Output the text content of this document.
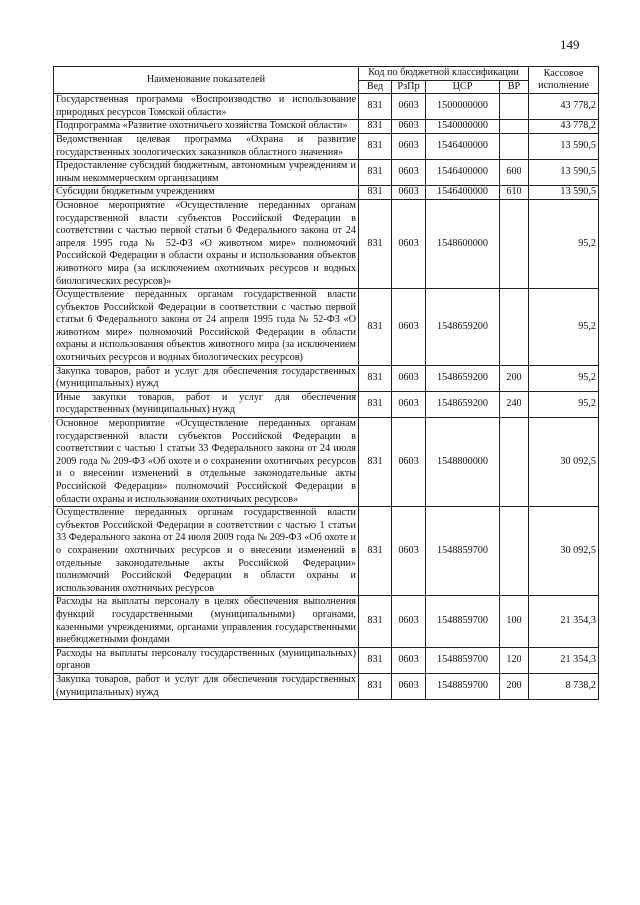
149
Наименование показателей	Код по бюджетной классификации				Кассовое исполнение
	Вед	РзПр	ЦСР	ВР	
Государственная программа «Воспроизводство и использование природных ресурсов Томской области»	831	0603	1500000000		43 778,2
Подпрограмма «Развитие охотничьего хозяйства Томской области»	831	0603	1540000000		43 778,2
Ведомственная целевая программа «Охрана и развитие государственных зоологических заказников областного значения»	831	0603	1546400000		13 590,5
Предоставление субсидий бюджетным, автономным учреждениям и иным некоммерческим организациям	831	0603	1546400000	600	13 590,5
Субсидии бюджетным учреждениям	831	0603	1546400000	610	13 590,5
Основное мероприятие «Осуществление переданных органам государственной власти субъектов Российской Федерации в соответствии с частью первой статьи 6 Федерального закона от 24 апреля 1995 года № 52-ФЗ «О животном мире» полномочий Российской Федерации в области охраны и использования объектов животного мира (за исключением охотничьих ресурсов и водных биологических ресурсов)»	831	0603	1548600000		95,2
Осуществление переданных органам государственной власти субъектов Российской Федерации в соответствии с частью первой статьи 6 Федерального закона от 24 апреля 1995 года № 52-ФЗ «О животном мире» полномочий Российской Федерации в области охраны и использования объектов животного мира (за исключением охотничьих ресурсов и водных биологических ресурсов)	831	0603	1548659200		95,2
Закупка товаров, работ и услуг для обеспечения государственных (муниципальных) нужд	831	0603	1548659200	200	95,2
Иные закупки товаров, работ и услуг для обеспечения государственных (муниципальных) нужд	831	0603	1548659200	240	95,2
Основное мероприятие «Осуществление переданных органам государственной власти субъектов Российской Федерации в соответствии с частью 1 статьи 33 Федерального закона от 24 июля 2009 года № 209-ФЗ «Об охоте и о сохранении охотничьих ресурсов и о внесении изменений в отдельные законодательные акты Российской Федерации» полномочий Российской Федерации в области охраны и использования охотничьих ресурсов»	831	0603	1548800000		30 092,5
Осуществление переданных органам государственной власти субъектов Российской Федерации в соответствии с частью 1 статьи 33 Федерального закона от 24 июля 2009 года № 209-ФЗ «Об охоте и о сохранении охотничьих ресурсов и о внесении изменений в отдельные законодательные акты Российской Федерации» полномочий Российской Федерации в области охраны и использования охотничьих ресурсов	831	0603	1548859700		30 092,5
Расходы на выплаты персоналу в целях обеспечения выполнения функций государственными (муниципальными) органами, казенными учреждениями, органами управления государственными внебюджетными фондами	831	0603	1548859700	100	21 354,3
Расходы на выплаты персоналу государственных (муниципальных) органов	831	0603	1548859700	120	21 354,3
Закупка товаров, работ и услуг для обеспечения государственных (муниципальных) нужд	831	0603	1548859700	200	8 738,2
